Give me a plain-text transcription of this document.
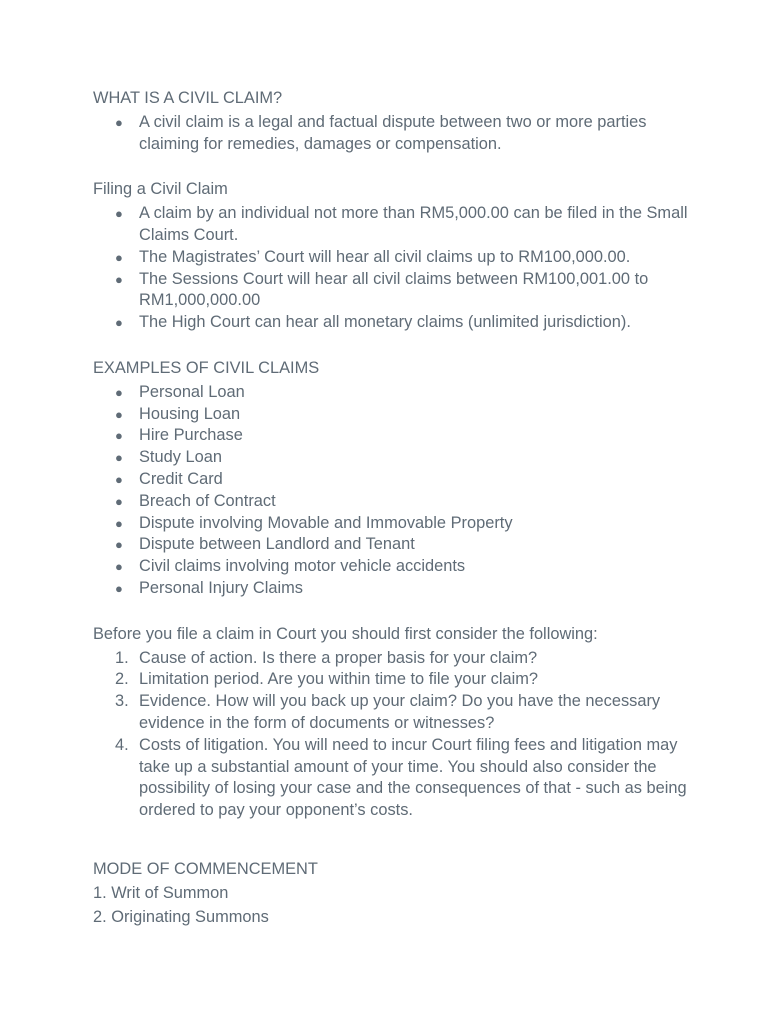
WHAT IS A CIVIL CLAIM?
● A civil claim is a legal and factual dispute between two or more parties claiming for remedies, damages or compensation.
Filing a Civil Claim
● A claim by an individual not more than RM5,000.00 can be filed in the Small Claims Court.
● The Magistrates’ Court will hear all civil claims up to RM100,000.00.
● The Sessions Court will hear all civil claims between RM100,001.00 to RM1,000,000.00
● The High Court can hear all monetary claims (unlimited jurisdiction).
EXAMPLES OF CIVIL CLAIMS
● Personal Loan
● Housing Loan
● Hire Purchase
● Study Loan
● Credit Card
● Breach of Contract
● Dispute involving Movable and Immovable Property
● Dispute between Landlord and Tenant
● Civil claims involving motor vehicle accidents
● Personal Injury Claims
Before you file a claim in Court you should first consider the following:
1. Cause of action. Is there a proper basis for your claim?
2. Limitation period. Are you within time to file your claim?
3. Evidence. How will you back up your claim? Do you have the necessary evidence in the form of documents or witnesses?
4. Costs of litigation. You will need to incur Court filing fees and litigation may take up a substantial amount of your time. You should also consider the possibility of losing your case and the consequences of that - such as being ordered to pay your opponent’s costs.
MODE OF COMMENCEMENT

1. Writ of Summon

2. Originating Summons
